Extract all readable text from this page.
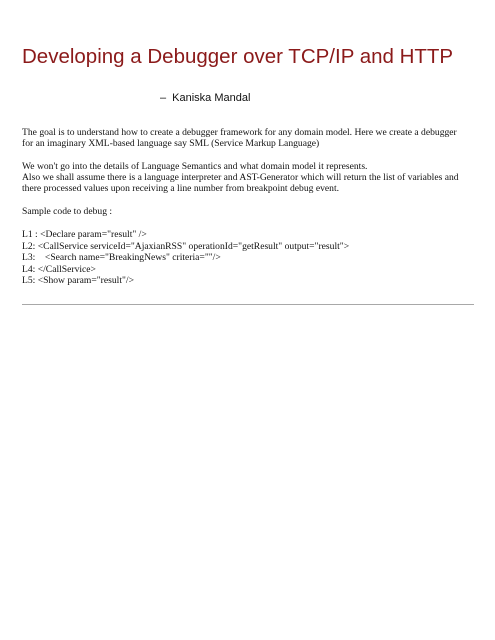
Developing a Debugger over TCP/IP and HTTP
– Kaniska Mandal

The goal is to understand how to create a debugger framework for any domain model. Here we create a debugger
for an imaginary XML-based language say SML (Service Markup Language)

We won't go into the details of Language Semantics and what domain model it represents.
Also we shall assume there is a language interpreter and AST-Generator which will return the list of variables and
there processed values upon receiving a line number from breakpoint debug event.

Sample code to debug :

L1 : <Declare param="result" />
L2: <CallService serviceId="AjaxianRSS" operationId="getResult" output="result">
L3:    <Search name="BreakingNews" criteria=""/>
L4: </CallService>
L5: <Show param="result"/>
